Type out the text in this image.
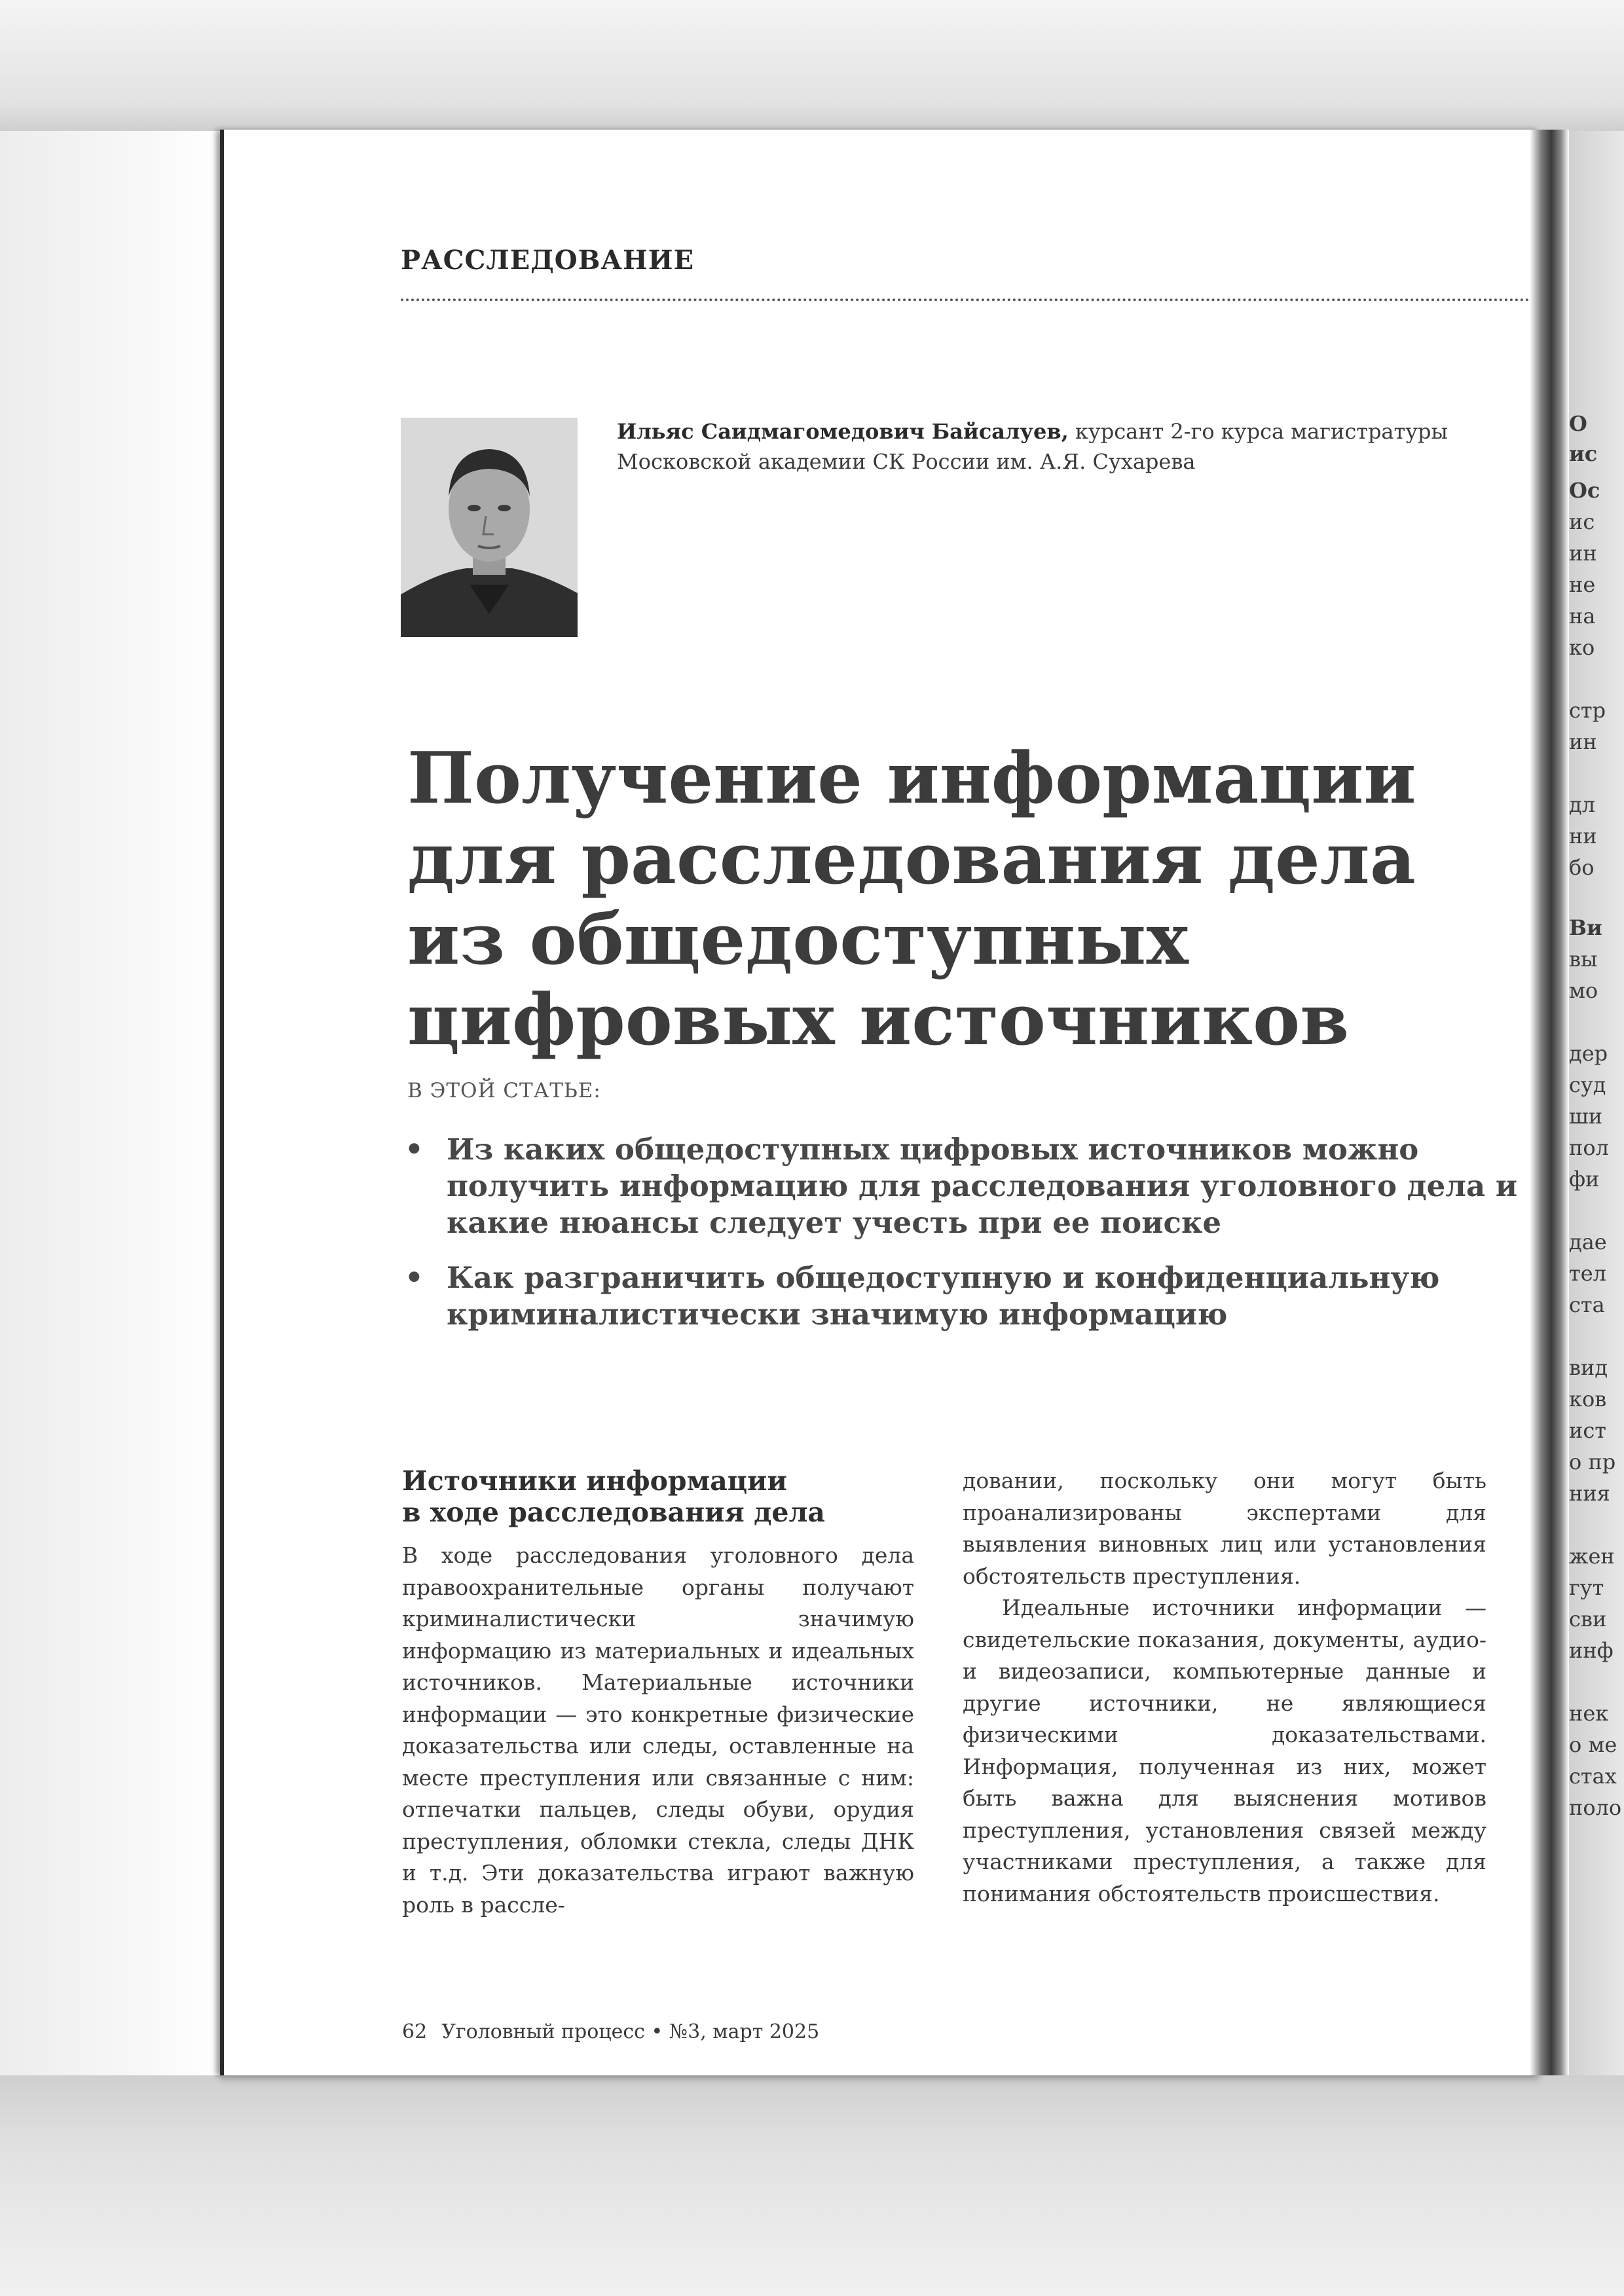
РАССЛЕДОВАНИЕ
Ильяс Саидмагомедович Байсалуев, курсант 2-го курса магистратуры
Московской академии СК России им. А.Я. Сухарева
Получение информации
для расследования дела
из общедоступных
цифровых источников
В ЭТОЙ СТАТЬЕ:
• Из каких общедоступных цифровых источников можно получить информацию для расследования уголовного дела и какие нюансы следует учесть при ее поиске
• Как разграничить общедоступную и конфиденциальную криминалистически значимую информацию
Источники информации
в ходе расследования дела

В ходе расследования уголовного дела правоохранительные органы получают криминалистически значимую информацию из материальных и идеальных источников. Материальные источники информации — это конкретные физические доказательства или следы, оставленные на месте преступления или связанные с ним: отпечатки пальцев, следы обуви, орудия преступления, обломки стекла, следы ДНК и т.д. Эти доказательства играют важную роль в рассле-

довании, поскольку они могут быть проанализированы экспертами для выявления виновных лиц или установления обстоятельств преступления.

Идеальные источники информации — свидетельские показания, документы, аудио- и видеозаписи, компьютерные данные и другие источники, не являющиеся физическими доказательствами. Информация, полученная из них, может быть важна для выяснения мотивов преступления, установления связей между участниками преступления, а также для понимания обстоятельств происшествия.

62 Уголовный процесс • №3, март 2025
О
ис
Ос
ис
ин
не
на
ко
стр
ин
дл
ни
бо
Ви
вы
мо
дер
суд
ши
пол
фи
дае
тел
ста
вид
ков
ист
о пр
ния
жен
гут
сви
инф
нек
о ме
стах
поло
